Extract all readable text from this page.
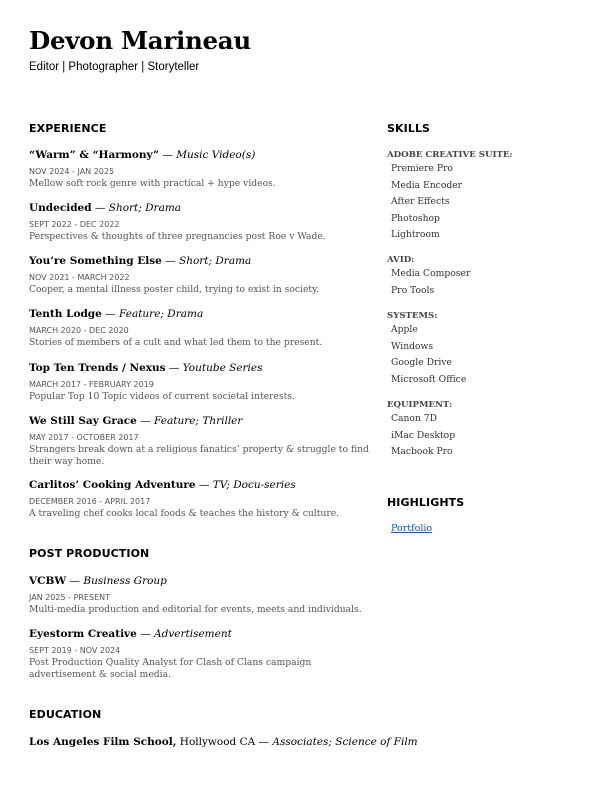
Devon Marineau

Editor | Photographer | Storyteller

EXPERIENCE

“Warm” & “Harmony” — Music Video(s)

NOV 2024 - JAN 2025

Mellow soft rock genre with practical + hype videos.

Undecided — Short; Drama

SEPT 2022 - DEC 2022

Perspectives & thoughts of three pregnancies post Roe v Wade.

You’re Something Else — Short; Drama

NOV 2021 - MARCH 2022

Cooper, a mental illness poster child, trying to exist in society.

Tenth Lodge — Feature; Drama

MARCH 2020 - DEC 2020

Stories of members of a cult and what led them to the present.

Top Ten Trends / Nexus — Youtube Series

MARCH 2017 - FEBRUARY 2019

Popular Top 10 Topic videos of current societal interests.

We Still Say Grace — Feature; Thriller

MAY 2017 - OCTOBER 2017

Strangers break down at a religious fanatics’ property & struggle to find their way home.

Carlitos’ Cooking Adventure — TV; Docu-series

DECEMBER 2016 - APRIL 2017

A traveling chef cooks local foods & teaches the history & culture.

POST PRODUCTION

VCBW — Business Group

JAN 2025 - PRESENT

Multi-media production and editorial for events, meets and individuals.

Eyestorm Creative — Advertisement

SEPT 2019 - NOV 2024

Post Production Quality Analyst for Clash of Clans campaign advertisement & social media.

EDUCATION

Los Angeles Film School, Hollywood CA — Associates; Science of Film

SKILLS

ADOBE CREATIVE SUITE:

Premiere Pro

Media Encoder

After Effects

Photoshop

Lightroom

AVID:

Media Composer

Pro Tools

SYSTEMS:

Apple

Windows

Google Drive

Microsoft Office

EQUIPMENT:

Canon 7D

iMac Desktop

Macbook Pro

HIGHLIGHTS
Portfolio
